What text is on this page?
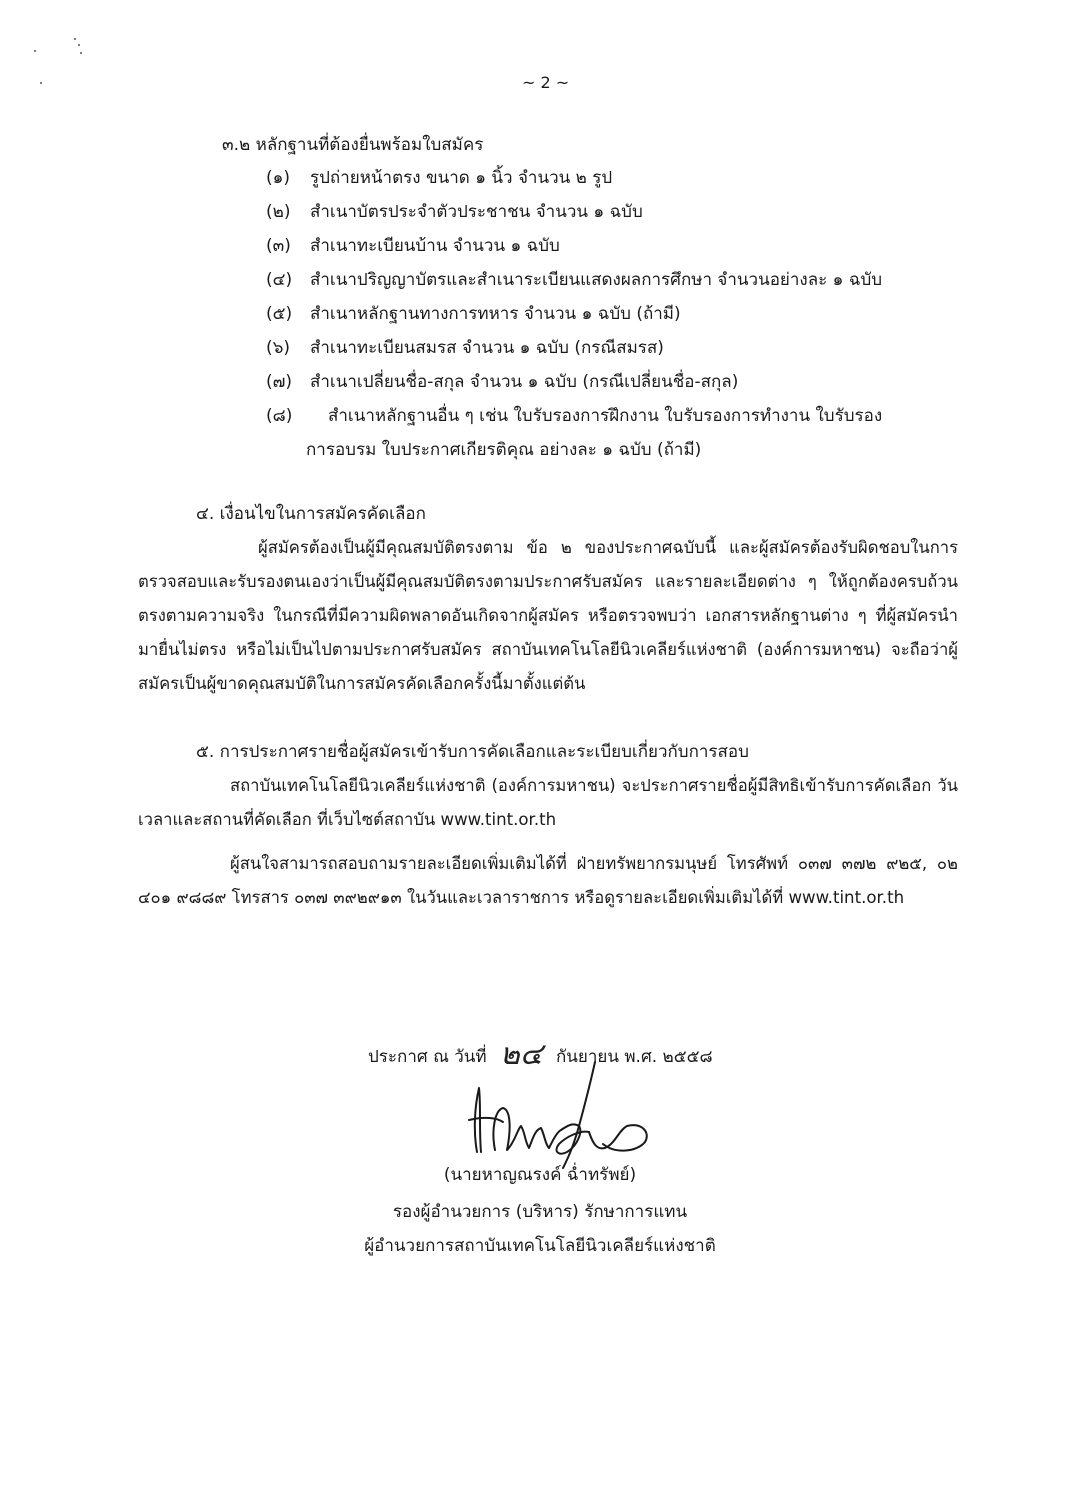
~ 2 ~
๓.๒ หลักฐานที่ต้องยื่นพร้อมใบสมัคร
(๑) รูปถ่ายหน้าตรง ขนาด ๑ นิ้ว จำนวน ๒ รูป
(๒) สำเนาบัตรประจำตัวประชาชน จำนวน ๑ ฉบับ
(๓) สำเนาทะเบียนบ้าน จำนวน ๑ ฉบับ
(๔) สำเนาปริญญาบัตรและสำเนาระเบียนแสดงผลการศึกษา จำนวนอย่างละ ๑ ฉบับ
(๕) สำเนาหลักฐานทางการทหาร จำนวน ๑ ฉบับ (ถ้ามี)
(๖) สำเนาทะเบียนสมรส จำนวน ๑ ฉบับ (กรณีสมรส)
(๗) สำเนาเปลี่ยนชื่อ-สกุล จำนวน ๑ ฉบับ (กรณีเปลี่ยนชื่อ-สกุล)
(๘) สำเนาหลักฐานอื่น ๆ เช่น ใบรับรองการฝึกงาน ใบรับรองการทำงาน ใบรับรอง
การอบรม ใบประกาศเกียรติคุณ อย่างละ ๑ ฉบับ (ถ้ามี)
๔. เงื่อนไขในการสมัครคัดเลือก
ผู้สมัครต้องเป็นผู้มีคุณสมบัติตรงตาม ข้อ ๒ ของประกาศฉบับนี้ และผู้สมัครต้องรับผิดชอบในการตรวจสอบและรับรองตนเองว่าเป็นผู้มีคุณสมบัติตรงตามประกาศรับสมัคร และรายละเอียดต่าง ๆ ให้ถูกต้องครบถ้วนตรงตามความจริง ในกรณีที่มีความผิดพลาดอันเกิดจากผู้สมัคร หรือตรวจพบว่า เอกสารหลักฐานต่าง ๆ ที่ผู้สมัครนำมายื่นไม่ตรง หรือไม่เป็นไปตามประกาศรับสมัคร สถาบันเทคโนโลยีนิวเคลียร์แห่งชาติ (องค์การมหาชน) จะถือว่าผู้สมัครเป็นผู้ขาดคุณสมบัติในการสมัครคัดเลือกครั้งนี้มาตั้งแต่ต้น
๕. การประกาศรายชื่อผู้สมัครเข้ารับการคัดเลือกและระเบียบเกี่ยวกับการสอบ
สถาบันเทคโนโลยีนิวเคลียร์แห่งชาติ (องค์การมหาชน) จะประกาศรายชื่อผู้มีสิทธิเข้ารับการคัดเลือก วัน เวลาและสถานที่คัดเลือก ที่เว็บไซต์สถาบัน www.tint.or.th
ผู้สนใจสามารถสอบถามรายละเอียดเพิ่มเติมได้ที่ ฝ่ายทรัพยากรมนุษย์ โทรศัพท์ ๐๓๗ ๓๗๒ ๙๒๕, ๐๒ ๔๐๑ ๙๘๘๙ โทรสาร ๐๓๗ ๓๙๒๙๑๓ ในวันและเวลาราชการ หรือดูรายละเอียดเพิ่มเติมได้ที่ www.tint.or.th
ประกาศ ณ วันที่ ๒๔ กันยายน พ.ศ. ๒๕๕๘
(นายหาญณรงค์ ฉ่ำทรัพย์)
รองผู้อำนวยการ (บริหาร) รักษาการแทน
ผู้อำนวยการสถาบันเทคโนโลยีนิวเคลียร์แห่งชาติ
